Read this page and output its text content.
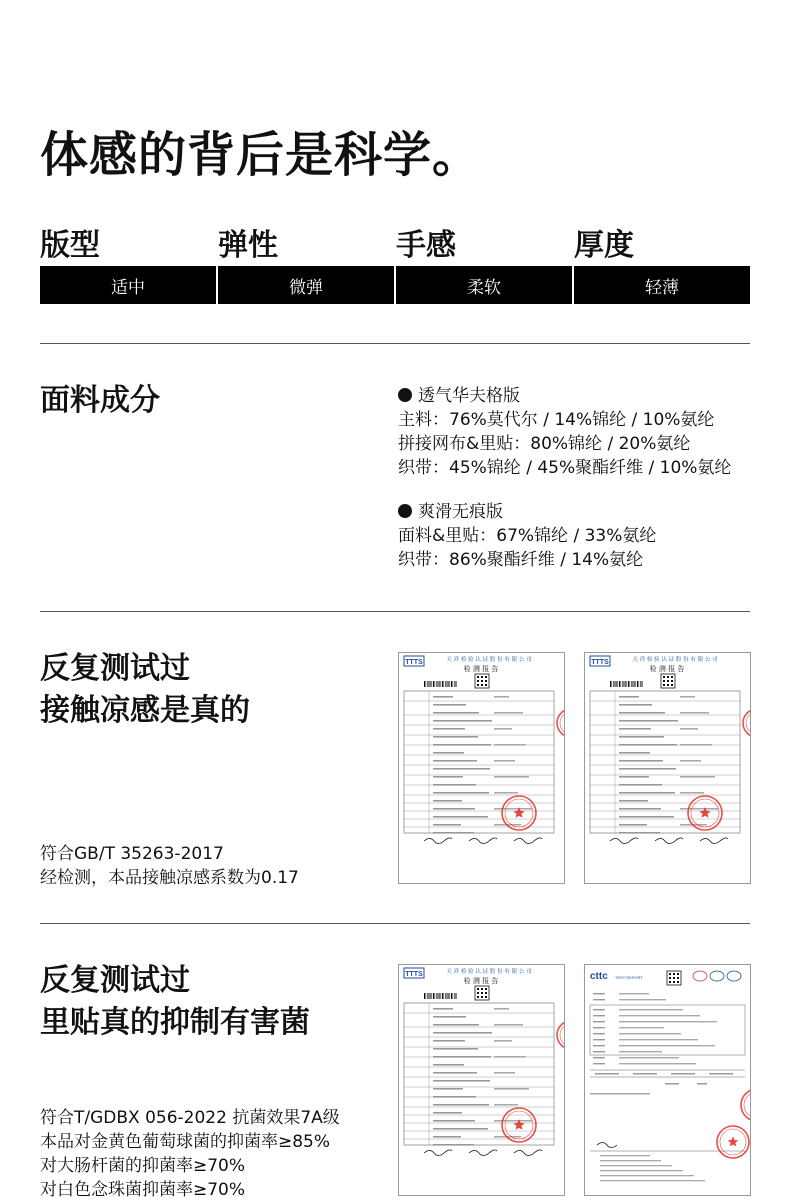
体感的背后是科学。
版型	弹性	手感	厚度
适中	微弹	柔软	轻薄
面料成分	透气华夫格版
主料：76%莫代尔 / 14%锦纶 / 10%氨纶
拼接网布&里贴：80%锦纶 / 20%氨纶
织带：45%锦纶 / 45%聚酯纤维 / 10%氨纶
爽滑无痕版
面料&里贴：67%锦纶 / 33%氨纶
织带：86%聚酯纤维 / 14%氨纶
反复测试过
接触凉感是真的
符合GB/T 35263-2017
经检测，本品接触凉感系数为0.17
TTTS	天 祥 检 验 认 证 股 份 有 限 公 司
检 测 报 告
TTTS	天 祥 检 验 认 证 股 份 有 限 公 司
检 测 报 告
反复测试过
里贴真的抑制有害菌
符合T/GDBX 056-2022 抗菌效果7A级
本品对金黄色葡萄球菌的抑菌率≥85%
对大肠杆菌的抑菌率≥70%
对白色念珠菌抑菌率≥70%
TTTS	天 祥 检 验 认 证 股 份 有 限 公 司
检 测 报 告	cttc TEST REPORT
